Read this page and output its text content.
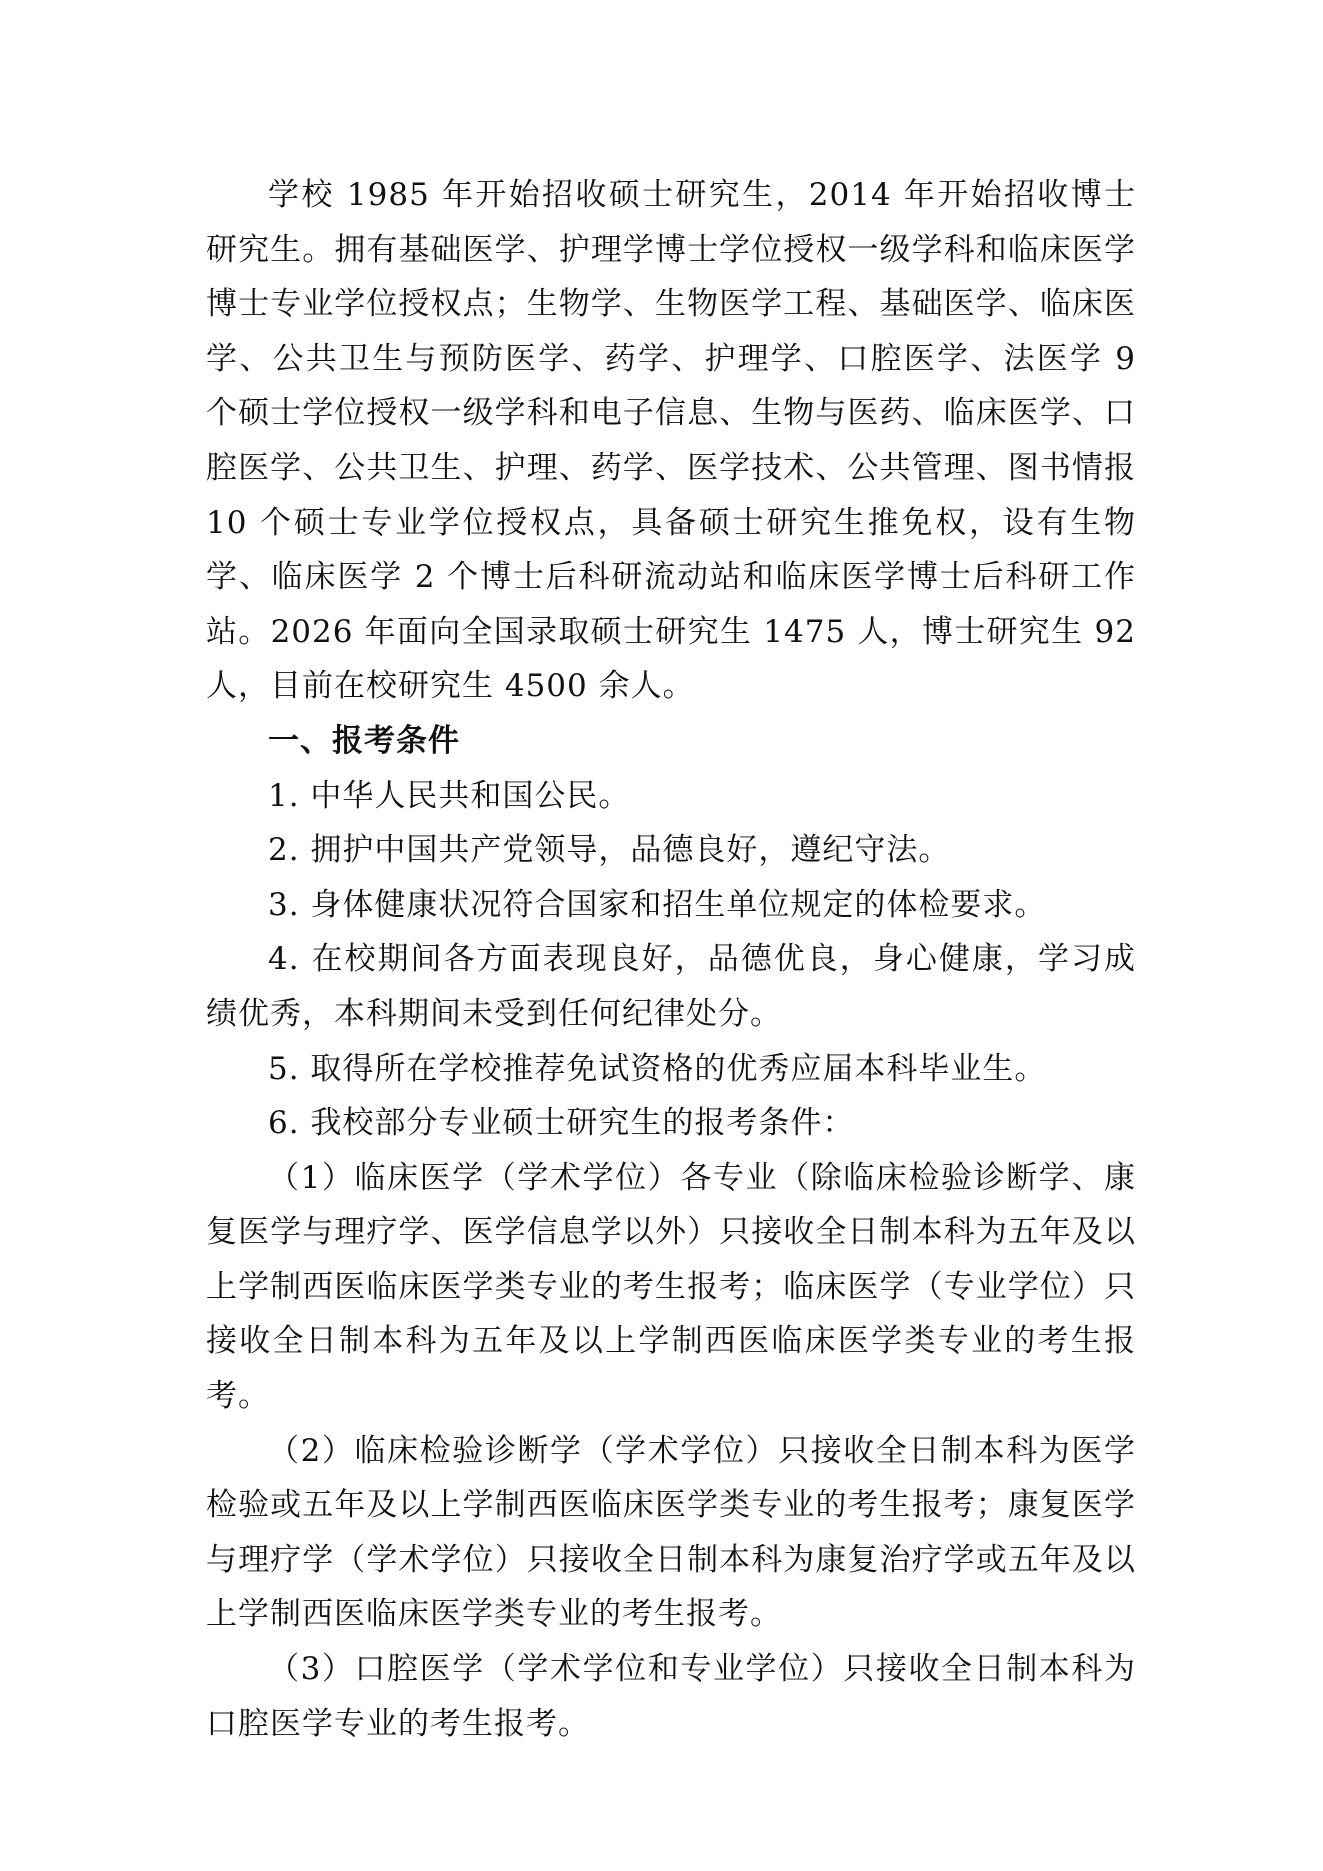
学校 1985 年开始招收硕士研究生，2014 年开始招收博士研究生。拥有基础医学、护理学博士学位授权一级学科和临床医学博士专业学位授权点；生物学、生物医学工程、基础医学、临床医学、公共卫生与预防医学、药学、护理学、口腔医学、法医学 9 个硕士学位授权一级学科和电子信息、生物与医药、临床医学、口腔医学、公共卫生、护理、药学、医学技术、公共管理、图书情报 10 个硕士专业学位授权点，具备硕士研究生推免权，设有生物学、临床医学 2 个博士后科研流动站和临床医学博士后科研工作站。2026 年面向全国录取硕士研究生 1475 人，博士研究生 92 人，目前在校研究生 4500 余人。

一、报考条件

1. 中华人民共和国公民。

2. 拥护中国共产党领导，品德良好，遵纪守法。

3. 身体健康状况符合国家和招生单位规定的体检要求。

4. 在校期间各方面表现良好，品德优良，身心健康，学习成绩优秀，本科期间未受到任何纪律处分。

5. 取得所在学校推荐免试资格的优秀应届本科毕业生。

6. 我校部分专业硕士研究生的报考条件：

（1）临床医学（学术学位）各专业（除临床检验诊断学、康复医学与理疗学、医学信息学以外）只接收全日制本科为五年及以上学制西医临床医学类专业的考生报考；临床医学（专业学位）只接收全日制本科为五年及以上学制西医临床医学类专业的考生报考。

（2）临床检验诊断学（学术学位）只接收全日制本科为医学检验或五年及以上学制西医临床医学类专业的考生报考；康复医学与理疗学（学术学位）只接收全日制本科为康复治疗学或五年及以上学制西医临床医学类专业的考生报考。

（3）口腔医学（学术学位和专业学位）只接收全日制本科为口腔医学专业的考生报考。
